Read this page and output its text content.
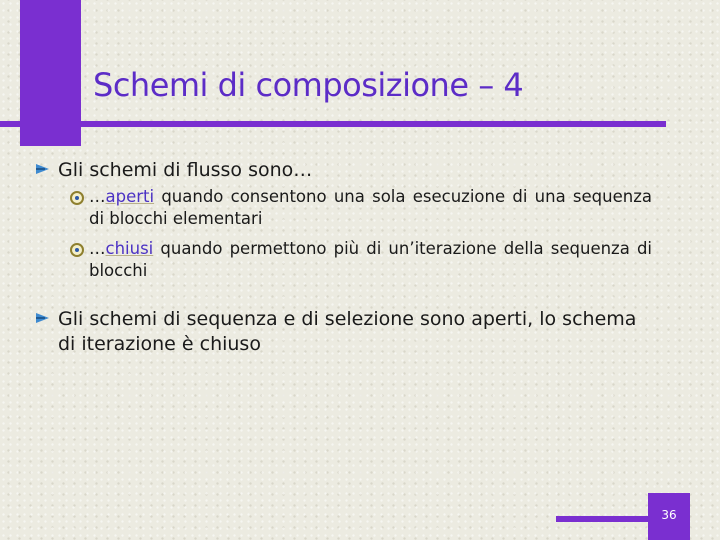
Schemi di composizione – 4
Gli schemi di flusso sono…
…aperti quando consentono una sola esecuzione di una sequenza di blocchi elementari
…chiusi quando permettono più di un’iterazione della sequenza di blocchi
Gli schemi di sequenza e di selezione sono aperti, lo schema di iterazione è chiuso
36
